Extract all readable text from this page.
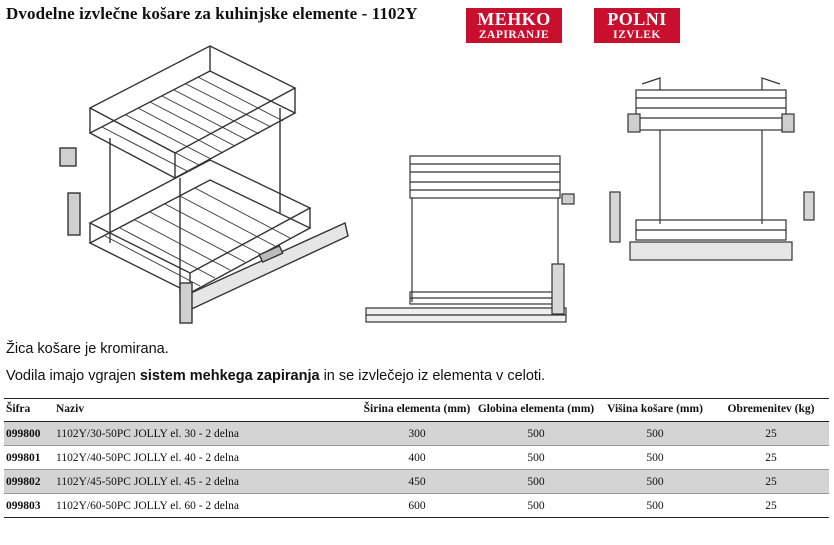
Dvodelne izvlečne košare za kuhinjske elemente - 1102Y	MEHKO
ZAPIRANJE
POLNI
IZVLEK
Žica košare je kromirana.
Vodila imajo vgrajen sistem mehkega zapiranja in se izvlečejo iz elementa v celoti.
Šifra	Naziv	Širina elementa (mm)	Globina elementa (mm)	Višina košare (mm)	Obremenitev (kg)
099800	1102Y/30-50PC JOLLY el. 30 - 2 delna	300	500	500	25
099801	1102Y/40-50PC JOLLY el. 40 - 2 delna	400	500	500	25
099802	1102Y/45-50PC JOLLY el. 45 - 2 delna	450	500	500	25
099803	1102Y/60-50PC JOLLY el. 60 - 2 delna	600	500	500	25
